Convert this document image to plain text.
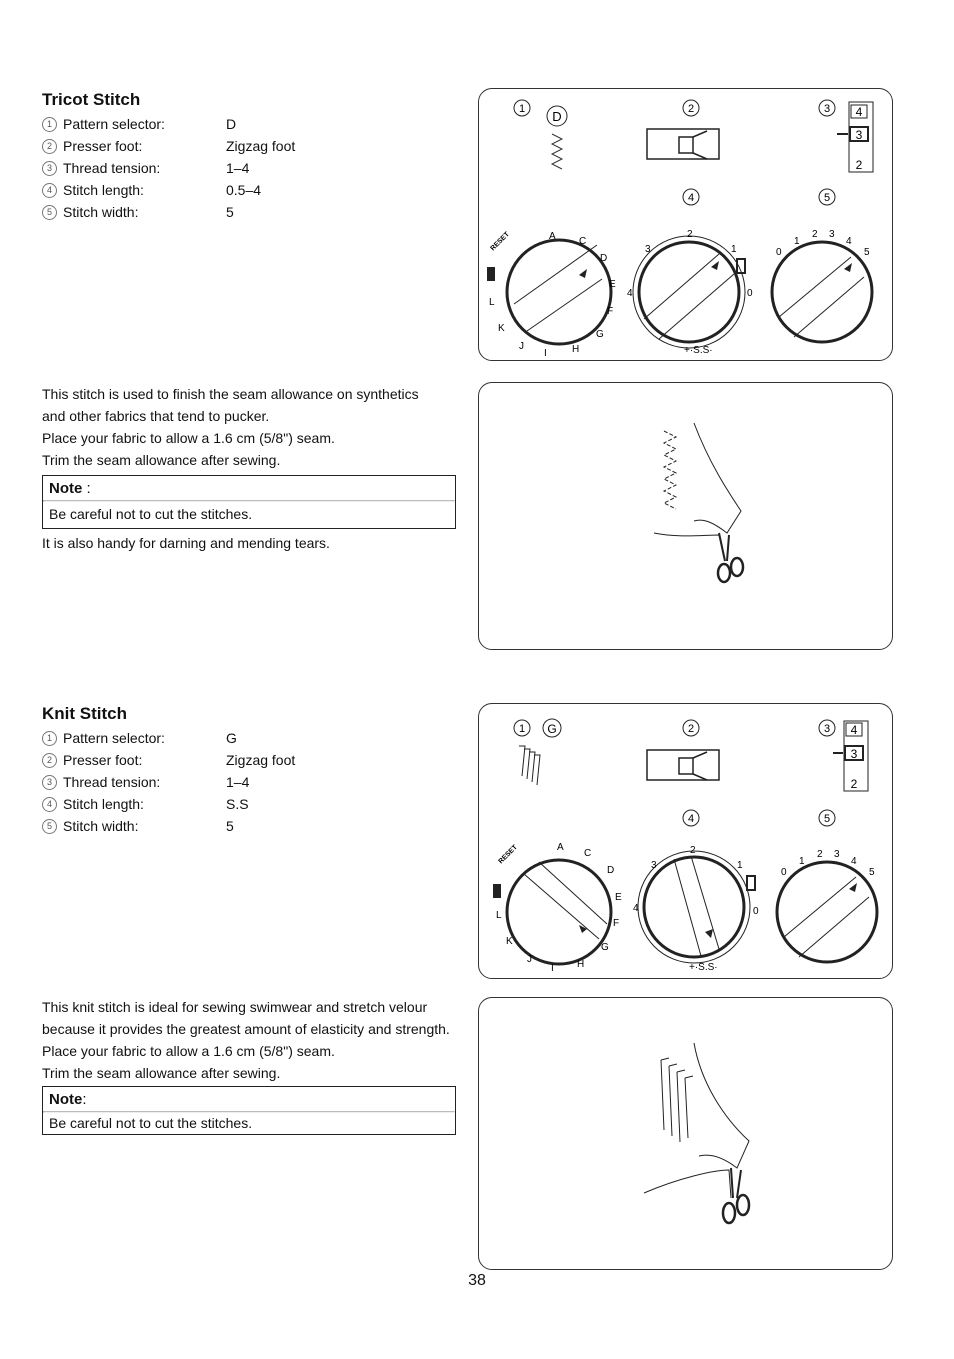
Tricot Stitch
1 Pattern selector:	D
2 Presser foot:	Zigzag foot
3 Thread tension:	1–4
4 Stitch length:	0.5–4
5 Stitch width:	5
This stitch is used to finish the seam allowance on synthetics
and other fabrics that tend to pucker.
Place your fabric to allow a 1.6 cm (5/8") seam.
Trim the seam allowance after sewing.
Note :
Be careful not to cut the stitches.
It is also handy for darning and mending tears.
1	2	3
4	5
D	4
3
2
A C
D
E
F
G
H
I
J
K
L
RESET	2
3	1
4	0
+·S.S·
0
1
2 3
4
5
Knit Stitch
1 Pattern selector:	G
2 Presser foot:	Zigzag foot
3 Thread tension:	1–4
4 Stitch length:	S.S
5 Stitch width:	5
This knit stitch is ideal for sewing swimwear and stretch velour
because it provides the greatest amount of elasticity and strength.
Place your fabric to allow a 1.6 cm (5/8") seam.
Trim the seam allowance after sewing.
Note:
Be careful not to cut the stitches.
1 G	2	3
4	5
4
3
2
A
C
D
E
F
G
H
I
J
K
L
RESET	2
3	1
4	0
+·S.S·
0
1
2 3
4
5
38
